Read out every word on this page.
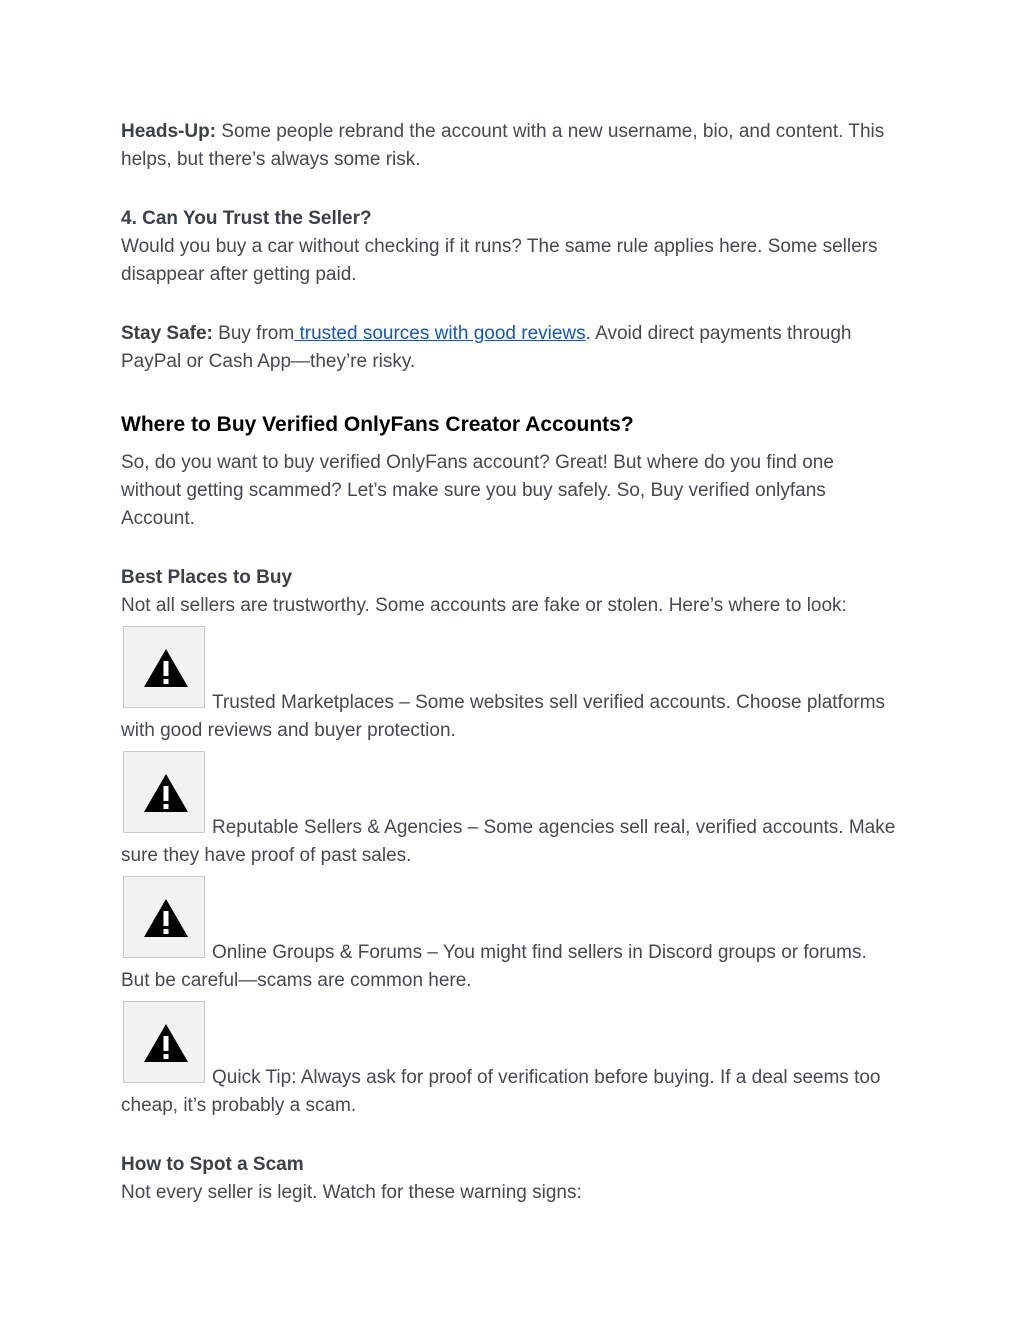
Heads-Up: Some people rebrand the account with a new username, bio, and content. This helps, but there’s always some risk.

4. Can You Trust the Seller?

Would you buy a car without checking if it runs? The same rule applies here. Some sellers disappear after getting paid.

Stay Safe: Buy from trusted sources with good reviews. Avoid direct payments through PayPal or Cash App—they’re risky.

Where to Buy Verified OnlyFans Creator Accounts?

So, do you want to buy verified OnlyFans account? Great! But where do you find one without getting scammed? Let’s make sure you buy safely. So, Buy verified onlyfans Account.

Best Places to Buy

Not all sellers are trustworthy. Some accounts are fake or stolen. Here’s where to look:

Trusted Marketplaces – Some websites sell verified accounts. Choose platforms with good reviews and buyer protection.
Reputable Sellers & Agencies – Some agencies sell real, verified accounts. Make sure they have proof of past sales.
Online Groups & Forums – You might find sellers in Discord groups or forums. But be careful—scams are common here.
Quick Tip: Always ask for proof of verification before buying. If a deal seems too cheap, it’s probably a scam.

How to Spot a Scam

Not every seller is legit. Watch for these warning signs:
